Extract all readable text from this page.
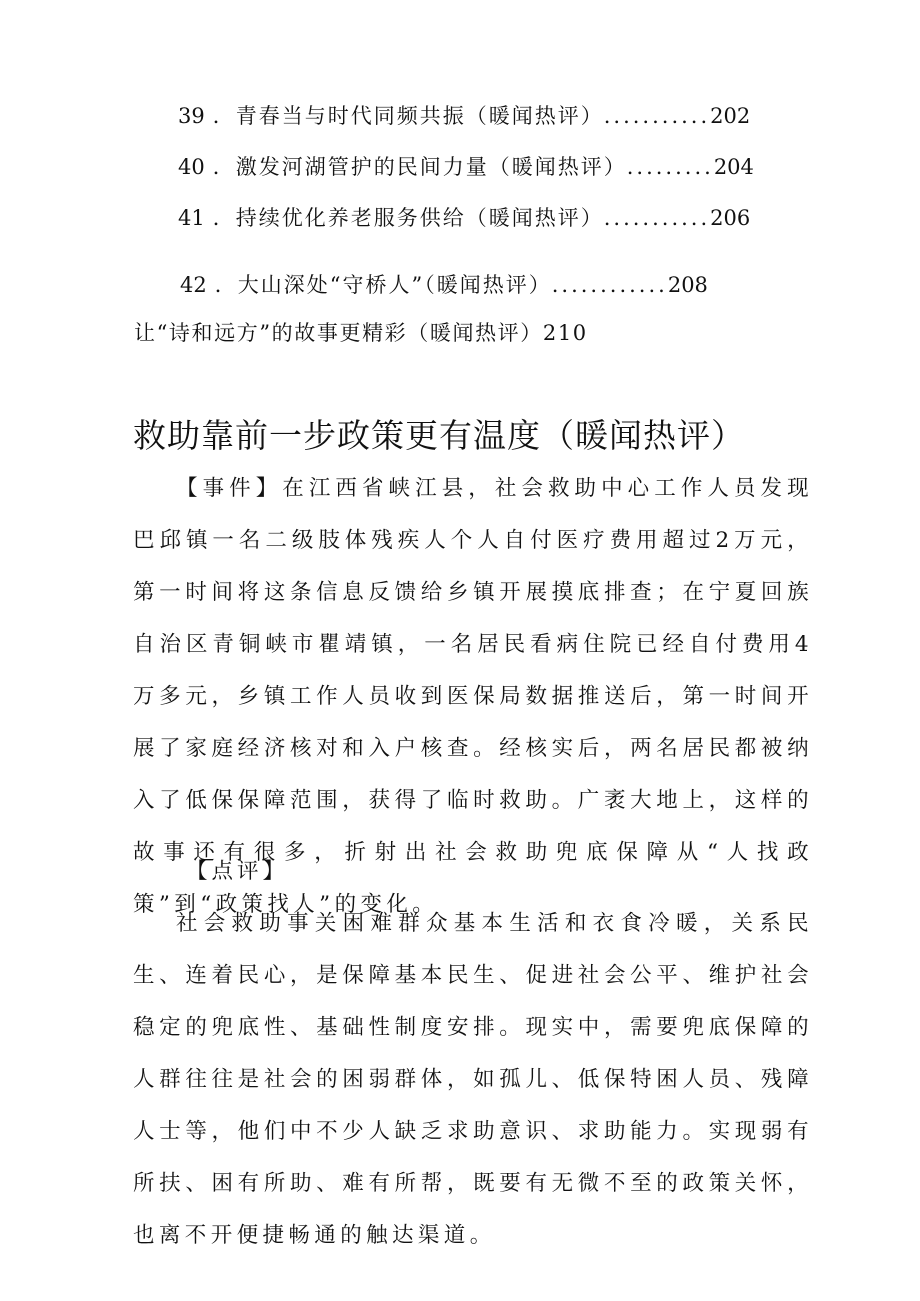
39 ．青春当与时代同频共振（暖闻热评）...........202
40 ．激发河湖管护的民间力量（暖闻热评）.........204
41 ．持续优化养老服务供给（暖闻热评）...........206
42 ．大山深处“守桥人”（暖闻热评）............208
让“诗和远方”的故事更精彩（暖闻热评）210
救助靠前一步政策更有温度（暖闻热评）

【事件】在江西省峡江县，社会救助中心工作人员发现巴邱镇一名二级肢体残疾人个人自付医疗费用超过2万元，第一时间将这条信息反馈给乡镇开展摸底排查；在宁夏回族自治区青铜峡市瞿靖镇，一名居民看病住院已经自付费用4万多元，乡镇工作人员收到医保局数据推送后，第一时间开展了家庭经济核对和入户核查。经核实后，两名居民都被纳入了低保保障范围，获得了临时救助。广袤大地上，这样的故事还有很多，折射出社会救助兜底保障从“人找政策”到“政策找人”的变化。

【点评】

社会救助事关困难群众基本生活和衣食冷暖，关系民生、连着民心，是保障基本民生、促进社会公平、维护社会稳定的兜底性、基础性制度安排。现实中，需要兜底保障的人群往往是社会的困弱群体，如孤儿、低保特困人员、残障人士等，他们中不少人缺乏求助意识、求助能力。实现弱有所扶、困有所助、难有所帮，既要有无微不至的政策关怀，也离不开便捷畅通的触达渠道。
